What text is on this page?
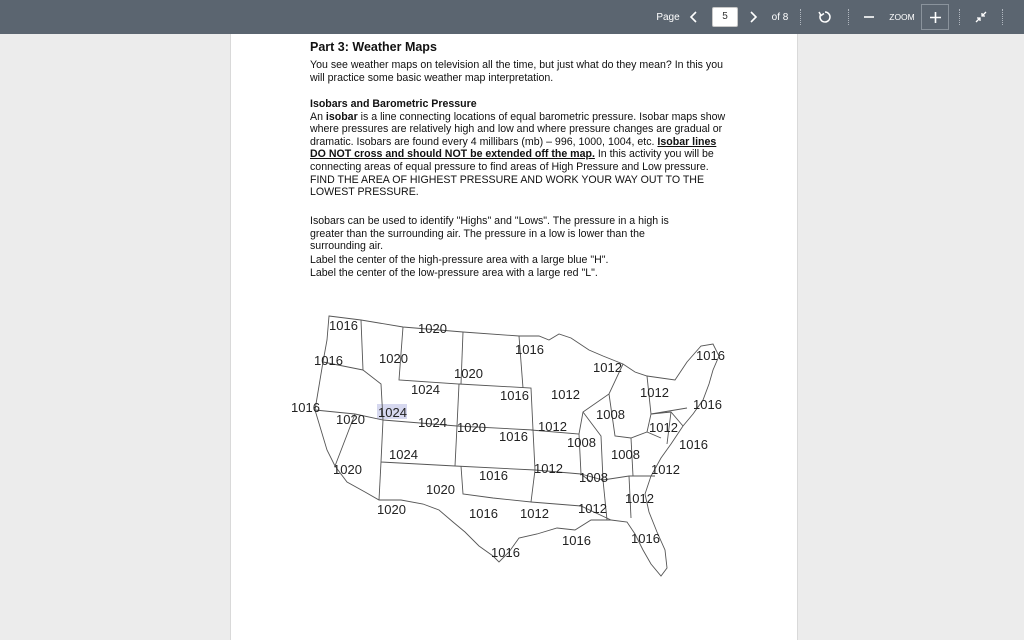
Page
5	of 8	ZOOM
Part 3: Weather Maps
You see weather maps on television all the time, but just what do they mean? In this you will practice some basic weather map interpretation.
Isobars and Barometric Pressure
An isobar is a line connecting locations of equal barometric pressure. Isobar maps show where pressures are relatively high and low and where pressure changes are gradual or dramatic. Isobars are found every 4 millibars (mb) – 996, 1000, 1004, etc. Isobar lines DO NOT cross and should NOT be extended off the map. In this activity you will be connecting areas of equal pressure to find areas of High Pressure and Low pressure. FIND THE AREA OF HIGHEST PRESSURE AND WORK YOUR WAY OUT TO THE LOWEST PRESSURE.
Isobars can be used to identify "Highs" and "Lows". The pressure in a high is greater than the surrounding air. The pressure in a low is lower than the surrounding air.
Label the center of the high-pressure area with a large blue "H".
Label the center of the low-pressure area with a large red "L".
1016	1020
1016
1020
1016	1016
1020
1024	1016 1012
1012
1012
1016
1020 1024
1024 1020
1016
1008
1012
1016
1012
1008	1016
1008
1024
1020	1016 1012
1008
1012
1020
1012
1020	1016 1012 1012
1016	1016
1016
